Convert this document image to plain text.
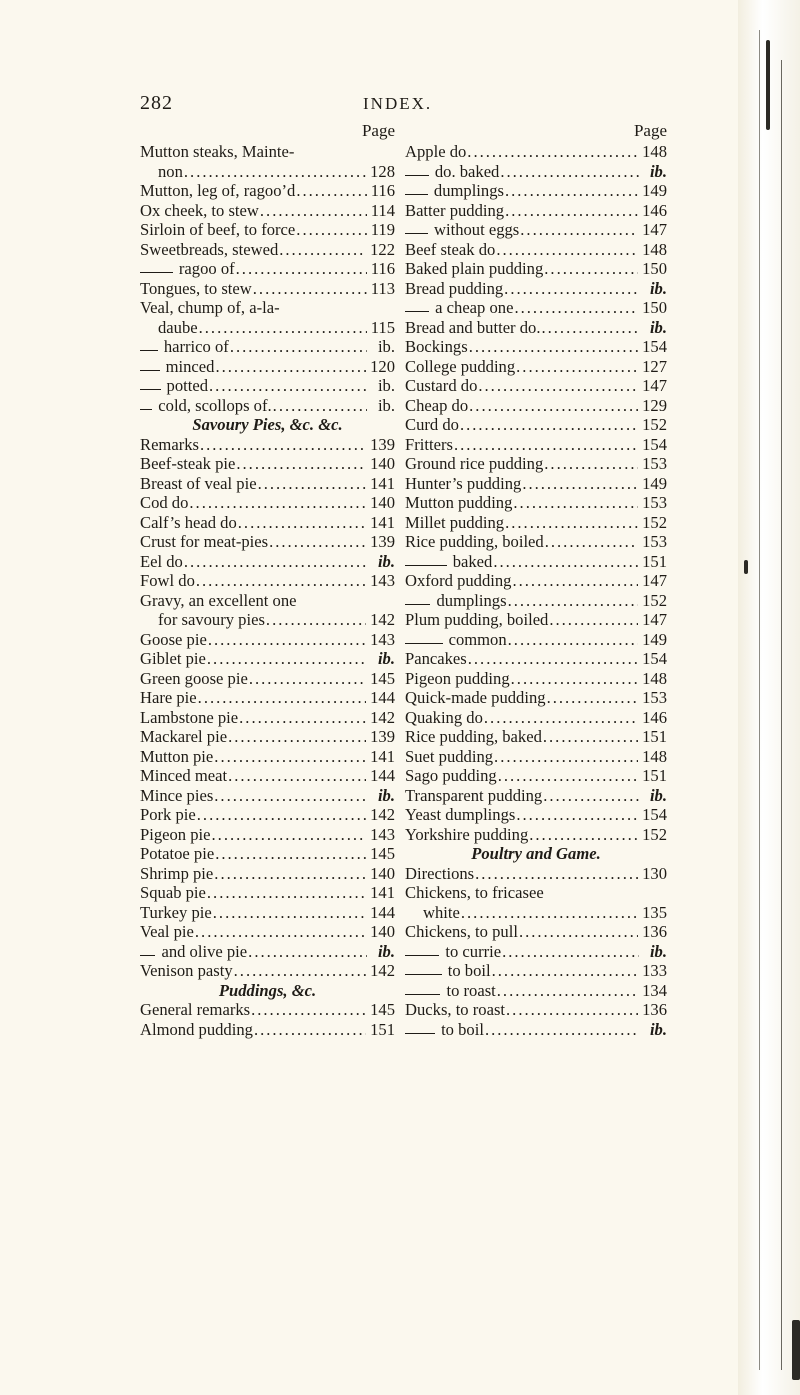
282	INDEX.
Page
Mutton steaks, Mainte-
non .....	128
Mutton, leg of, ragoo’d .....	116
Ox cheek, to stew .....	114
Sirloin of beef, to force .....	119
Sweetbreads, stewed .....	122
ragoo of .....	116
Tongues, to stew .....	113
Veal, chump of, a-la-
daube .....	115
harrico of .....	ib.
minced .....	120
potted .....	ib.
cold, scollops of. .....	ib.
Savoury Pies, &c. &c.
Remarks .....	139
Beef-steak pie .....	140
Breast of veal pie .....	141
Cod do .....	140
Calf’s head do .....	141
Crust for meat-pies .....	139
Eel do .....	ib.
Fowl do .....	143
Gravy, an excellent one
for savoury pies .....	142
Goose pie .....	143
Giblet pie .....	ib.
Green goose pie .....	145
Hare pie .....	144
Lambstone pie .....	142
Mackarel pie .....	139
Mutton pie .....	141
Minced meat .....	144
Mince pies .....	ib.
Pork pie .....	142
Pigeon pie .....	143
Potatoe pie .....	145
Shrimp pie .....	140
Squab pie .....	141
Turkey pie .....	144
Veal pie .....	140
and olive pie .....	ib.
Venison pasty .....	142
Puddings, &c.
General remarks .....	145
Almond pudding .....	151
Page
Apple do .....	148
do. baked .....	ib.
dumplings .....	149
Batter pudding .....	146
without eggs .....	147
Beef steak do .....	148
Baked plain pudding .....	150
Bread pudding .....	ib.
a cheap one .....	150
Bread and butter do. .....	ib.
Bockings .....	154
College pudding .....	127
Custard do .....	147
Cheap do .....	129
Curd do .....	152
Fritters .....	154
Ground rice pudding .....	153
Hunter’s pudding .....	149
Mutton pudding .....	153
Millet pudding .....	152
Rice pudding, boiled .....	153
baked .....	151
Oxford pudding .....	147
dumplings .....	152
Plum pudding, boiled .....	147
common .....	149
Pancakes .....	154
Pigeon pudding .....	148
Quick-made pudding .....	153
Quaking do .....	146
Rice pudding, baked .....	151
Suet pudding .....	148
Sago pudding .....	151
Transparent pudding .....	ib.
Yeast dumplings .....	154
Yorkshire pudding .....	152
Poultry and Game.
Directions .....	130
Chickens, to fricasee
white .....	135
Chickens, to pull .....	136
to currie .....	ib.
to boil .....	133
to roast .....	134
Ducks, to roast .....	136
to boil .....	ib.
